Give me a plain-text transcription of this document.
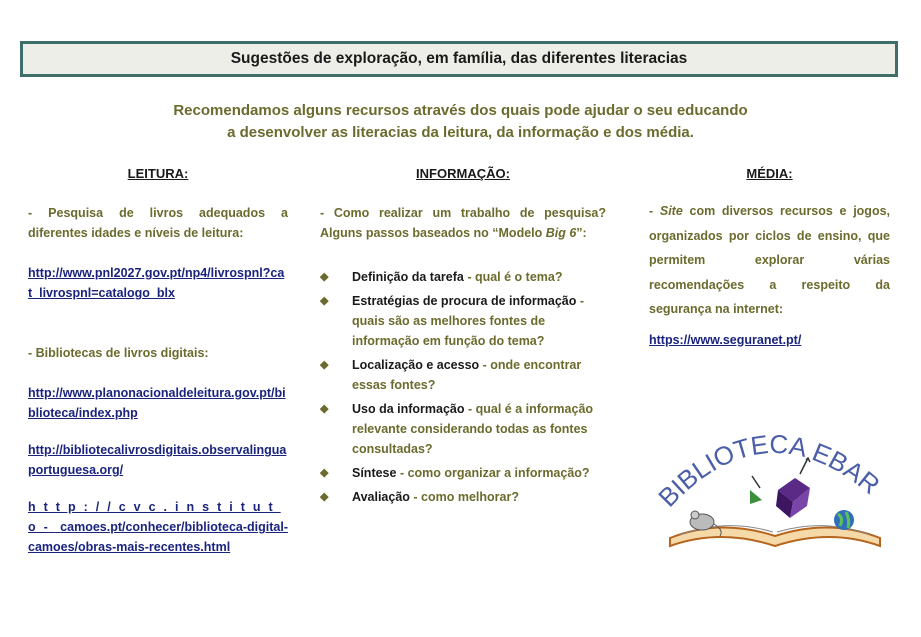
Sugestões de exploração, em família, das diferentes literacias
Recomendamos alguns recursos através dos quais pode ajudar o seu educando
a desenvolver as literacias da leitura, da informação e dos média.
LEITURA:
- Pesquisa de livros adequados a diferentes idades e níveis de leitura:
http://www.pnl2027.gov.pt/np4/livrospnl?cat_livrospnl=catalogo_blx
- Bibliotecas de livros digitais:
http://www.planonacionaldeleitura.gov.pt/biblioteca/index.php
http://bibliotecalivrosdigitais.observalinguaportuguesa.org/
http://cvc.instituto- camoes.pt/conhecer/biblioteca-digital-camoes/obras-mais-recentes.html
INFORMAÇÃO:
- Como realizar um trabalho de pesquisa? Alguns passos baseados no “Modelo Big 6”:
◆ Definição da tarefa - qual é o tema?
◆ Estratégias de procura de informação - quais são as melhores fontes de informação em função do tema?
◆ Localização e acesso - onde encontrar essas fontes?
◆ Uso da informação - qual é a informação relevante considerando todas as fontes consultadas?
◆ Síntese - como organizar a informação?
◆ Avaliação - como melhorar?
MÉDIA:
- Site com diversos recursos e jogos, organizados por ciclos de ensino, que permitem explorar várias recomendações a respeito da segurança na internet:
https://www.seguranet.pt/
BIBLIOTECA EBAR
